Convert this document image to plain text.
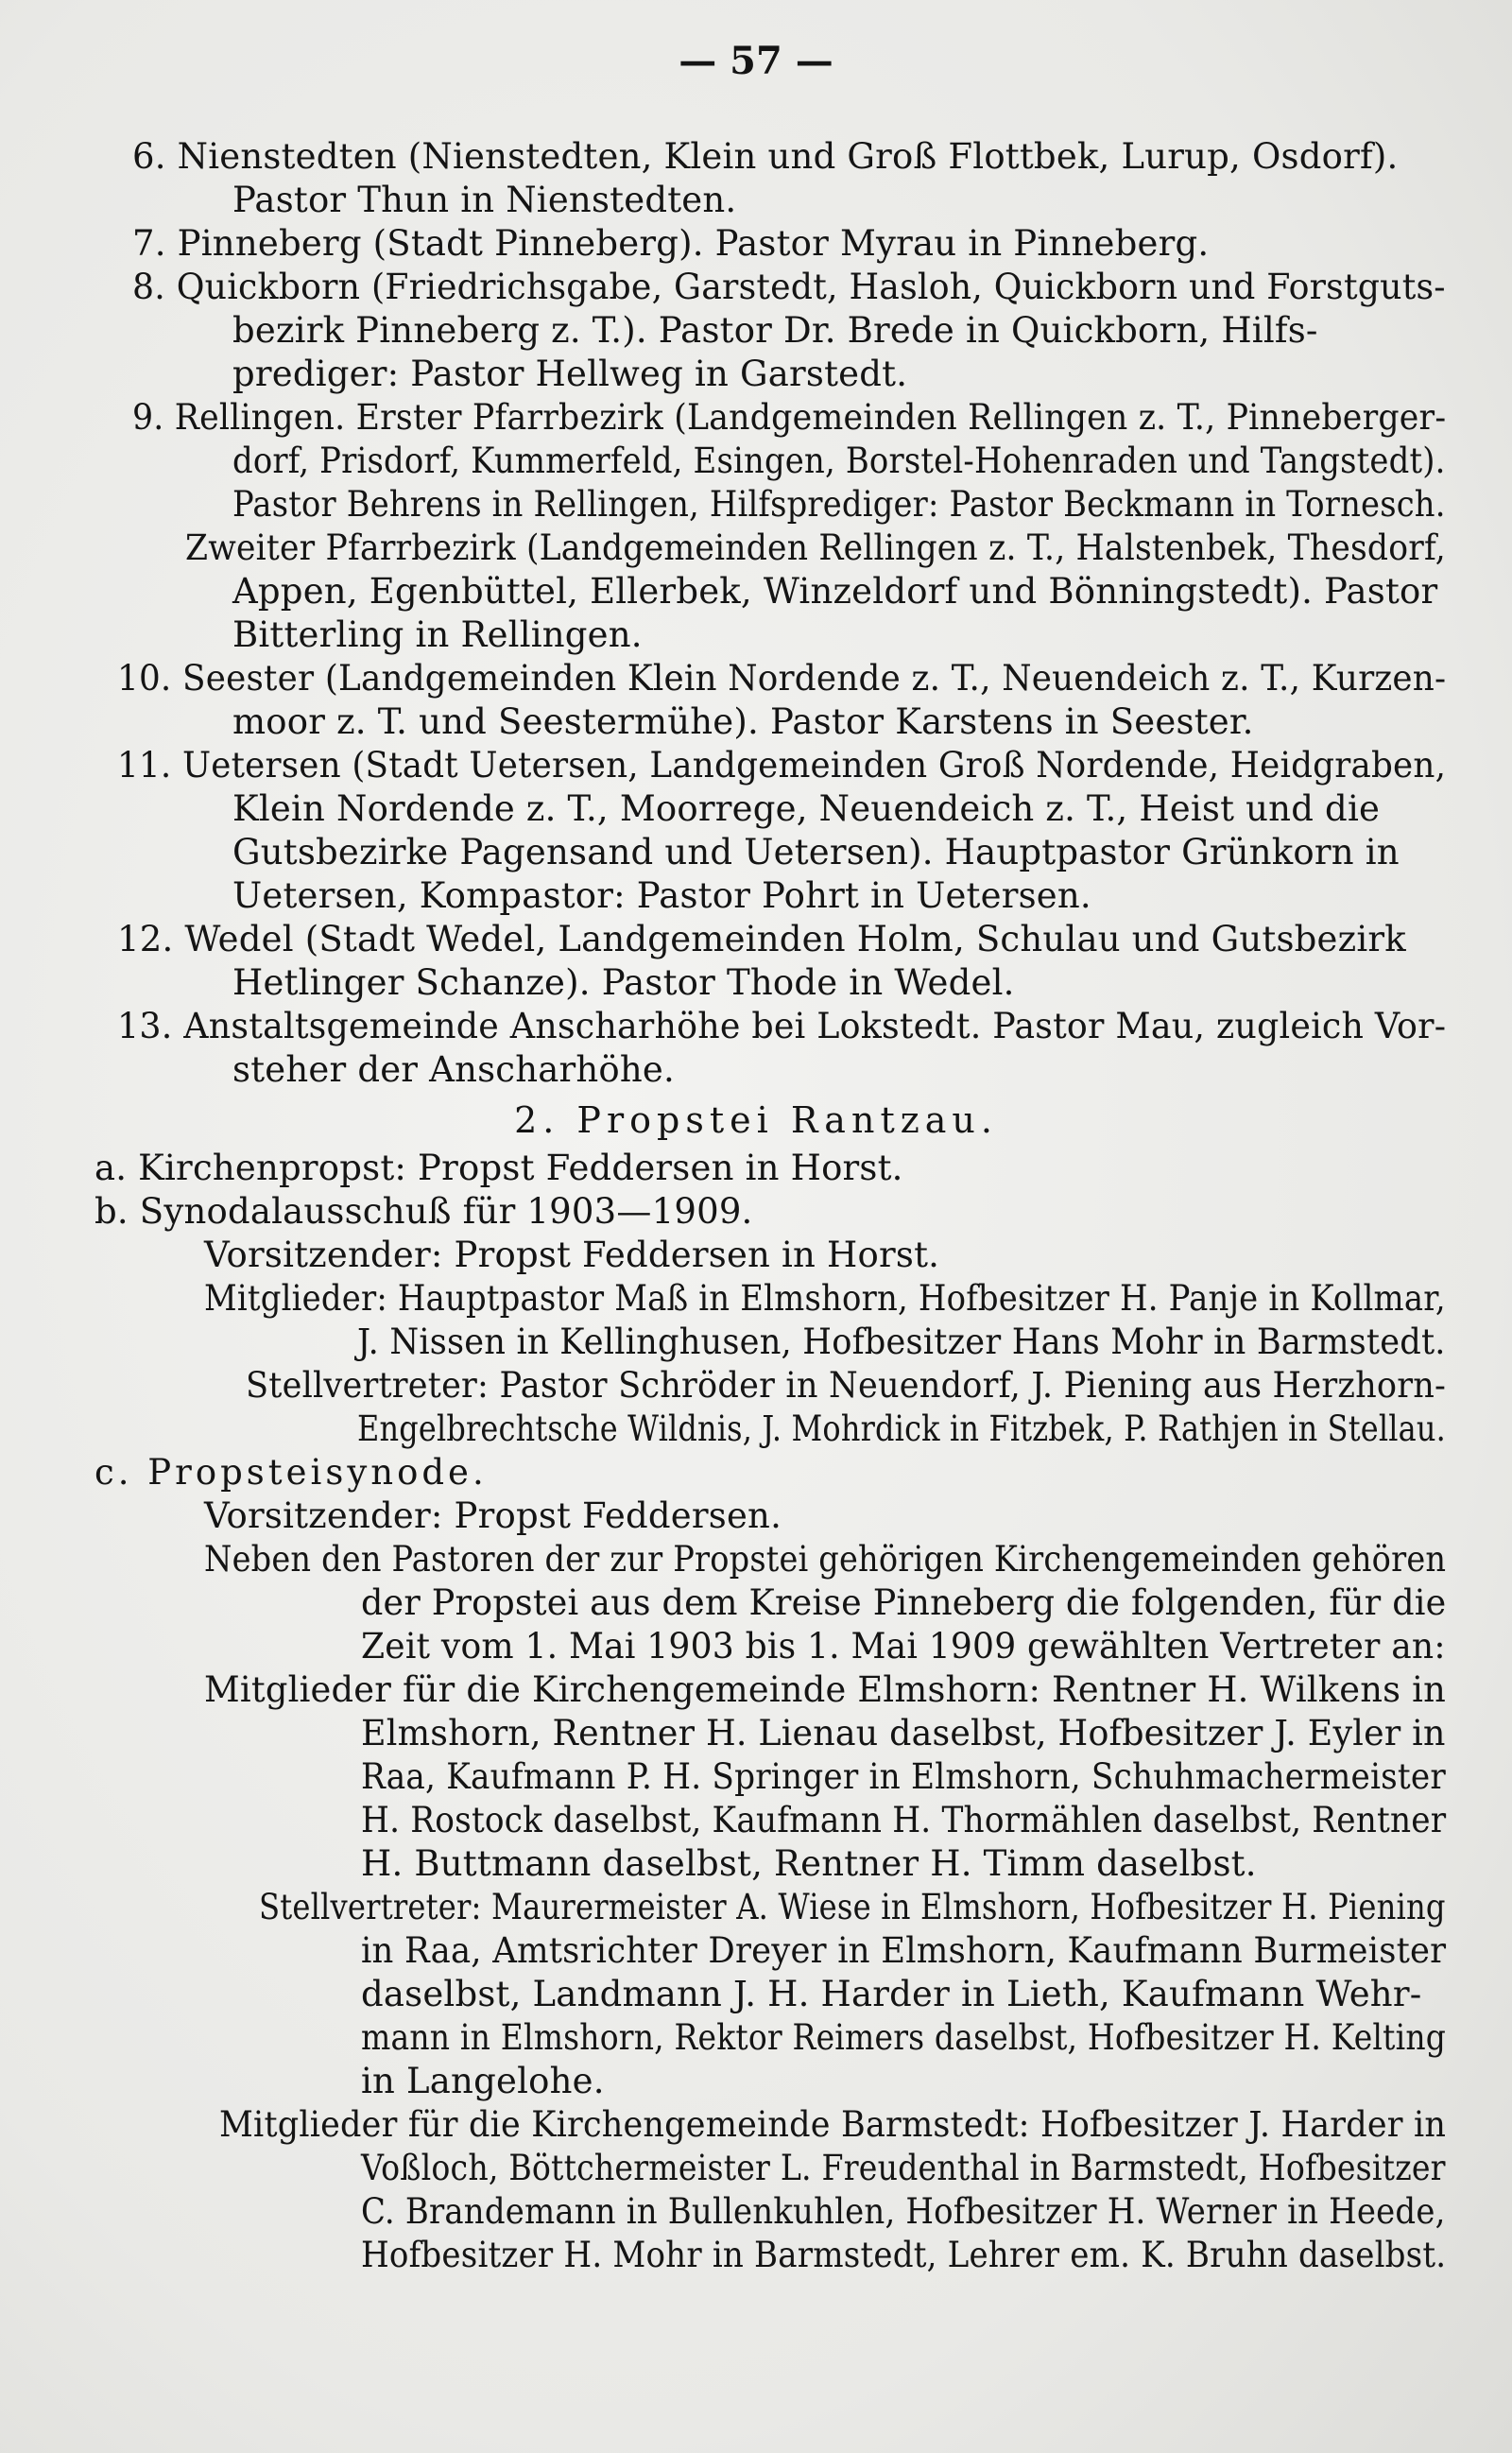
— 57 —
6. Nienstedten (Nienstedten, Klein und Groß Flottbek, Lurup, Osdorf).
Pastor Thun in Nienstedten.
7. Pinneberg (Stadt Pinneberg). Pastor Myrau in Pinneberg.
8. Quickborn (Friedrichsgabe, Garstedt, Hasloh, Quickborn und Forstguts-
bezirk Pinneberg z. T.). Pastor Dr. Brede in Quickborn, Hilfs-
prediger: Pastor Hellweg in Garstedt.
9. Rellingen. Erster Pfarrbezirk (Landgemeinden Rellingen z. T., Pinneberger-
dorf, Prisdorf, Kummerfeld, Esingen, Borstel-Hohenraden und Tangstedt).
Pastor Behrens in Rellingen, Hilfsprediger: Pastor Beckmann in Tornesch.
Zweiter Pfarrbezirk (Landgemeinden Rellingen z. T., Halstenbek, Thesdorf,
Appen, Egenbüttel, Ellerbek, Winzeldorf und Bönningstedt). Pastor
Bitterling in Rellingen.
10. Seester (Landgemeinden Klein Nordende z. T., Neuendeich z. T., Kurzen-
moor z. T. und Seestermühe). Pastor Karstens in Seester.
11. Uetersen (Stadt Uetersen, Landgemeinden Groß Nordende, Heidgraben,
Klein Nordende z. T., Moorrege, Neuendeich z. T., Heist und die
Gutsbezirke Pagensand und Uetersen). Hauptpastor Grünkorn in
Uetersen, Kompastor: Pastor Pohrt in Uetersen.
12. Wedel (Stadt Wedel, Landgemeinden Holm, Schulau und Gutsbezirk
Hetlinger Schanze). Pastor Thode in Wedel.
13. Anstaltsgemeinde Anscharhöhe bei Lokstedt. Pastor Mau, zugleich Vor-
steher der Anscharhöhe.
2. Propstei Rantzau.
a. Kirchenpropst: Propst Feddersen in Horst.
b. Synodalausschuß für 1903—1909.
Vorsitzender: Propst Feddersen in Horst.
Mitglieder: Hauptpastor Maß in Elmshorn, Hofbesitzer H. Panje in Kollmar,
J. Nissen in Kellinghusen, Hofbesitzer Hans Mohr in Barmstedt.
Stellvertreter: Pastor Schröder in Neuendorf, J. Piening aus Herzhorn-
Engelbrechtsche Wildnis, J. Mohrdick in Fitzbek, P. Rathjen in Stellau.
c. Propsteisynode.
Vorsitzender: Propst Feddersen.
Neben den Pastoren der zur Propstei gehörigen Kirchengemeinden gehören
der Propstei aus dem Kreise Pinneberg die folgenden, für die
Zeit vom 1. Mai 1903 bis 1. Mai 1909 gewählten Vertreter an:
Mitglieder für die Kirchengemeinde Elmshorn: Rentner H. Wilkens in
Elmshorn, Rentner H. Lienau daselbst, Hofbesitzer J. Eyler in
Raa, Kaufmann P. H. Springer in Elmshorn, Schuhmachermeister
H. Rostock daselbst, Kaufmann H. Thormählen daselbst, Rentner
H. Buttmann daselbst, Rentner H. Timm daselbst.
Stellvertreter: Maurermeister A. Wiese in Elmshorn, Hofbesitzer H. Piening
in Raa, Amtsrichter Dreyer in Elmshorn, Kaufmann Burmeister
daselbst, Landmann J. H. Harder in Lieth, Kaufmann Wehr-
mann in Elmshorn, Rektor Reimers daselbst, Hofbesitzer H. Kelting
in Langelohe.
Mitglieder für die Kirchengemeinde Barmstedt: Hofbesitzer J. Harder in
Voßloch, Böttchermeister L. Freudenthal in Barmstedt, Hofbesitzer
C. Brandemann in Bullenkuhlen, Hofbesitzer H. Werner in Heede,
Hofbesitzer H. Mohr in Barmstedt, Lehrer em. K. Bruhn daselbst.
